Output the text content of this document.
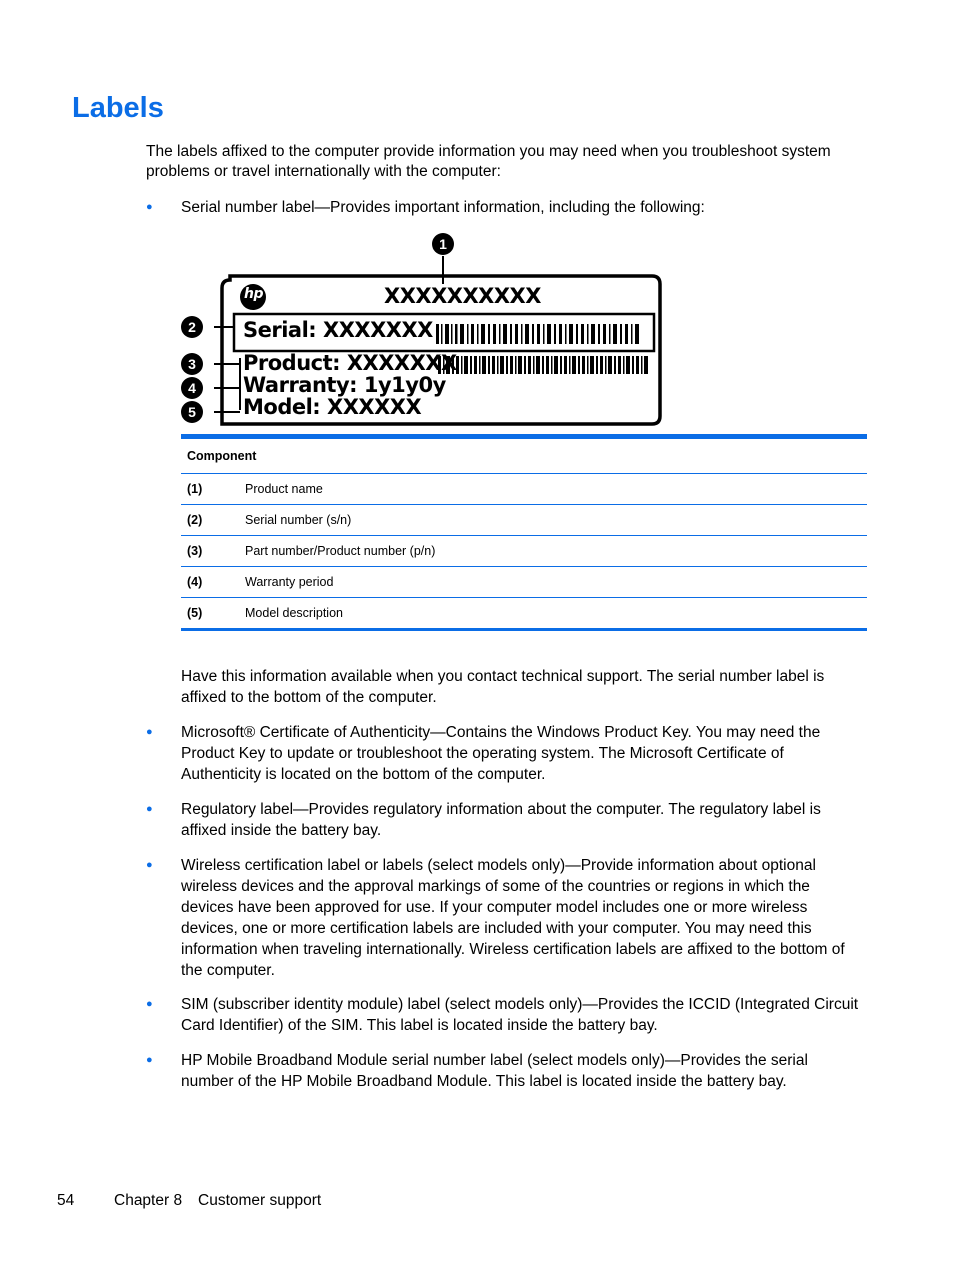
Labels

The labels affixed to the computer provide information you may need when you troubleshoot system problems or travel internationally with the computer:

● Serial number label—Provides important information, including the following:

hp	XXXXXXXXXX
Serial: XXXXXXX
Product: XXXXXXX
Warranty: 1y1y0y
Model: XXXXXX
1
2
3
4
5
Component	
(1)	Product name
(2)	Serial number (s/n)
(3)	Part number/Product number (p/n)
(4)	Warranty period
(5)	Model description

Have this information available when you contact technical support. The serial number label is affixed to the bottom of the computer.

● Microsoft® Certificate of Authenticity—Contains the Windows Product Key. You may need the Product Key to update or troubleshoot the operating system. The Microsoft Certificate of Authenticity is located on the bottom of the computer.

● Regulatory label—Provides regulatory information about the computer. The regulatory label is affixed inside the battery bay.

● Wireless certification label or labels (select models only)—Provide information about optional wireless devices and the approval markings of some of the countries or regions in which the devices have been approved for use. If your computer model includes one or more wireless devices, one or more certification labels are included with your computer. You may need this information when traveling internationally. Wireless certification labels are affixed to the bottom of the computer.

● SIM (subscriber identity module) label (select models only)—Provides the ICCID (Integrated Circuit Card Identifier) of the SIM. This label is located inside the battery bay.

● HP Mobile Broadband Module serial number label (select models only)—Provides the serial number of the HP Mobile Broadband Module. This label is located inside the battery bay.

54	Chapter 8 Customer support
